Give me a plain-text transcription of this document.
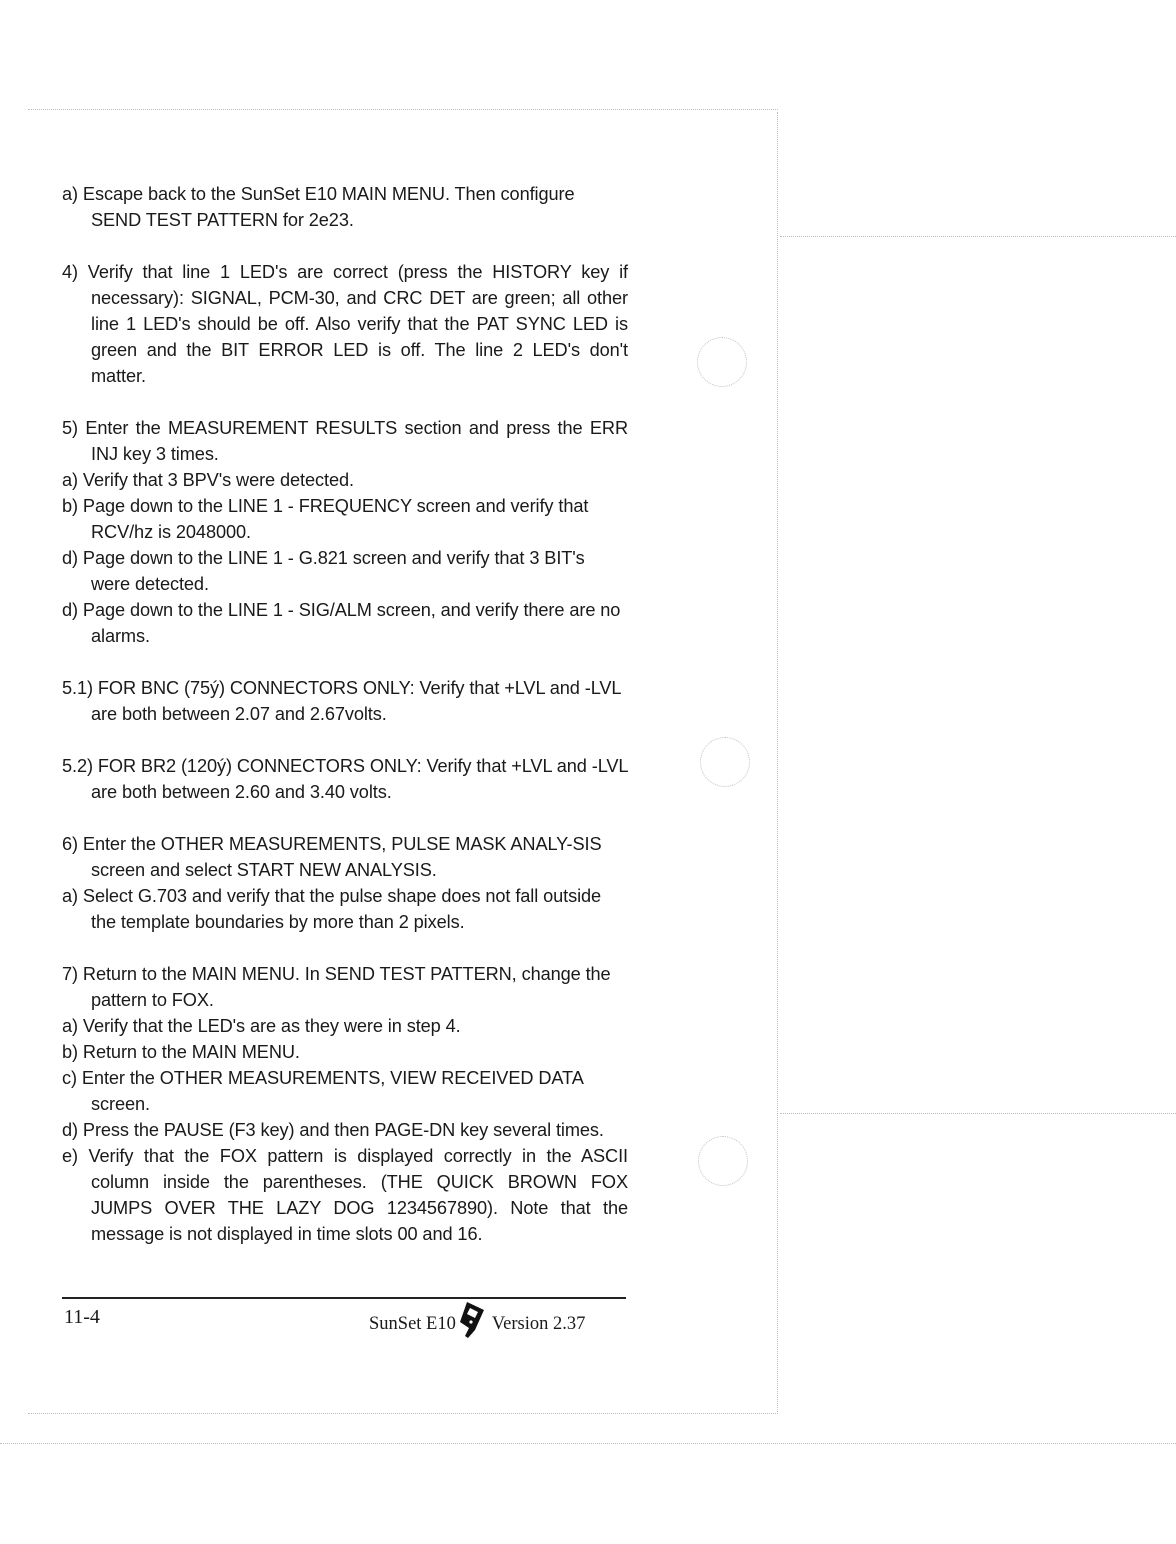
a) Escape back to the SunSet E10 MAIN MENU. Then configure SEND TEST PATTERN for 2e23.
4) Verify that line 1 LED's are correct (press the HISTORY key if necessary): SIGNAL, PCM-30, and CRC DET are green; all other line 1 LED's should be off. Also verify that the PAT SYNC LED is green and the BIT ERROR LED is off. The line 2 LED's don't matter.
5) Enter the MEASUREMENT RESULTS section and press the ERR INJ key 3 times.
a) Verify that 3 BPV's were detected.
b) Page down to the LINE 1 - FREQUENCY screen and verify that RCV/hz is 2048000.
d) Page down to the LINE 1 - G.821 screen and verify that 3 BIT's were detected.
d) Page down to the LINE 1 - SIG/ALM screen, and verify there are no alarms.
5.1) FOR BNC (75ý) CONNECTORS ONLY: Verify that +LVL and -LVL are both between 2.07 and 2.67volts.
5.2) FOR BR2 (120ý) CONNECTORS ONLY: Verify that +LVL and -LVL are both between 2.60 and 3.40 volts.
6) Enter the OTHER MEASUREMENTS, PULSE MASK ANALY-SIS screen and select START NEW ANALYSIS.
a) Select G.703 and verify that the pulse shape does not fall outside the template boundaries by more than 2 pixels.
7) Return to the MAIN MENU. In SEND TEST PATTERN, change the pattern to FOX.
a) Verify that the LED's are as they were in step 4.
b) Return to the MAIN MENU.
c) Enter the OTHER MEASUREMENTS, VIEW RECEIVED DATA screen.
d) Press the PAUSE (F3 key) and then PAGE-DN key several times.
e) Verify that the FOX pattern is displayed correctly in the ASCII column inside the parentheses. (THE QUICK BROWN FOX JUMPS OVER THE LAZY DOG 1234567890). Note that the message is not displayed in time slots 00 and 16.
11-4	SunSet E10 Version 2.37
